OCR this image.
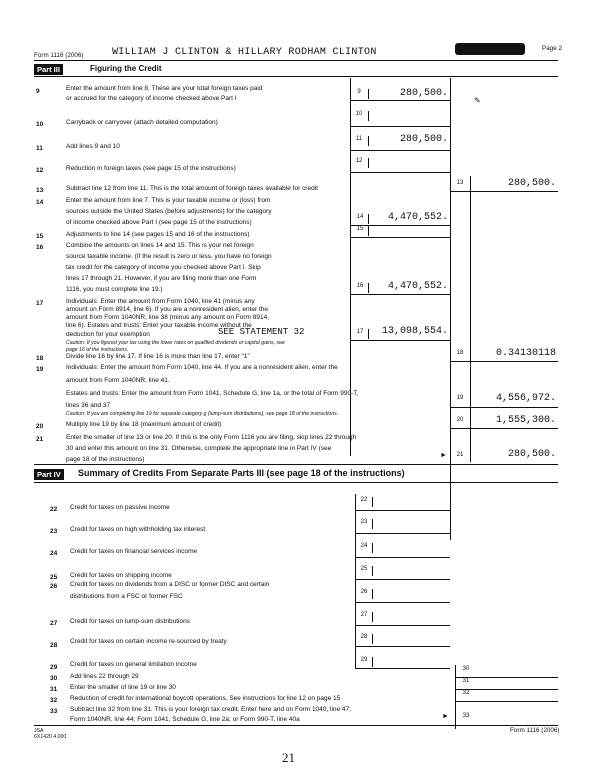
Form 1116 (2006)	WILLIAM J CLINTON & HILLARY RODHAM CLINTON	Page 2
Part III	Figuring the Credit
9	Enter the amount from line 8. These are your total foreign taxes paid
or accrued for the category of income checked above Part I
9	280,500.
✎
10	Carryback or carryover (attach detailed computation)
10
11	Add lines 9 and 10
11	280,500.
12	Reduction in foreign taxes (see page 15 of the instructions)
12
13	Subtract line 12 from line 11. This is the total amount of foreign taxes available for credit
13	280,500.
14	Enter the amount from line 7. This is your taxable income or (loss) from
sources outside the United States (before adjustments) for the category
of income checked above Part I (see page 15 of the instructions)
14	4,470,552.
15	Adjustments to line 14 (see pages 15 and 16 of the instructions)
15
16	Combine the amounts on lines 14 and 15. This is your net foreign
source taxable income. (If the result is zero or less, you have no foreign
tax credit for the category of income you checked above Part I. Skip
lines 17 through 21. However, if you are filing more than one Form
1116, you must complete line 19.)	16	4,470,552.
17	Individuals: Enter the amount from Form 1040, line 41 (minus any
amount on Form 8914, line 6). If you are a nonresident alien, enter the
amount from Form 1040NR, line 38 (minus any amount on Form 8914,
line 6). Estates and trusts: Enter your taxable income without the
deduction for your exemption	SEE STATEMENT 32
Caution: If you figured your tax using the lower rates on qualified dividends or capital gains, see
page 16 of the instructions.
17	13,098,554.
18	Divide line 16 by line 17. If line 16 is more than line 17, enter "1"	18	0.34130118
19	Individuals: Enter the amount from Form 1040, line 44. If you are a nonresident alien, enter the
amount from Form 1040NR, line 41.
Estates and trusts: Enter the amount from Form 1041, Schedule G, line 1a, or the total of Form 990-T,
lines 36 and 37
Caution: If you are completing line 19 for separate category g (lump-sum distributions), see page 18 of the instructions.
19	4,556,972.
20	Multiply line 19 by line 18 (maximum amount of credit)
20	1,555,300.
21	Enter the smaller of line 13 or line 20. If this is the only Form 1116 you are filing, skip lines 22 through
30 and enter this amount on line 31. Otherwise, complete the appropriate line in Part IV (see
page 18 of the instructions)
►	21	280,500.
Part IV	Summary of Credits From Separate Parts III (see page 18 of the instructions)
22 Credit for taxes on passive income
22
23 Credit for taxes on high withholding tax interest
23
24 Credit for taxes on financial services income
24
25 Credit for taxes on shipping income
25
26 Credit for taxes on dividends from a DISC or former DISC and certain
distributions from a FSC or former FSC
26
27 Credit for taxes on lump-sum distributions
27
28
Credit for taxes on certain income re-sourced by treaty
28
29 Credit for taxes on general limitation income
29
30 Add lines 22 through 29
30
31 Enter the smaller of line 19 or line 30
31
32 Reduction of credit for international boycott operations. See instructions for line 12 on page 15
32
33 Subtract line 32 from line 31. This is your foreign tax credit. Enter here and on Form 1040, line 47;
Form 1040NR, line 44; Form 1041, Schedule G, line 2a; or Form 990-T, line 40a	►	33
JSA
6X1420 4.000
Form 1116 (2006)
21
